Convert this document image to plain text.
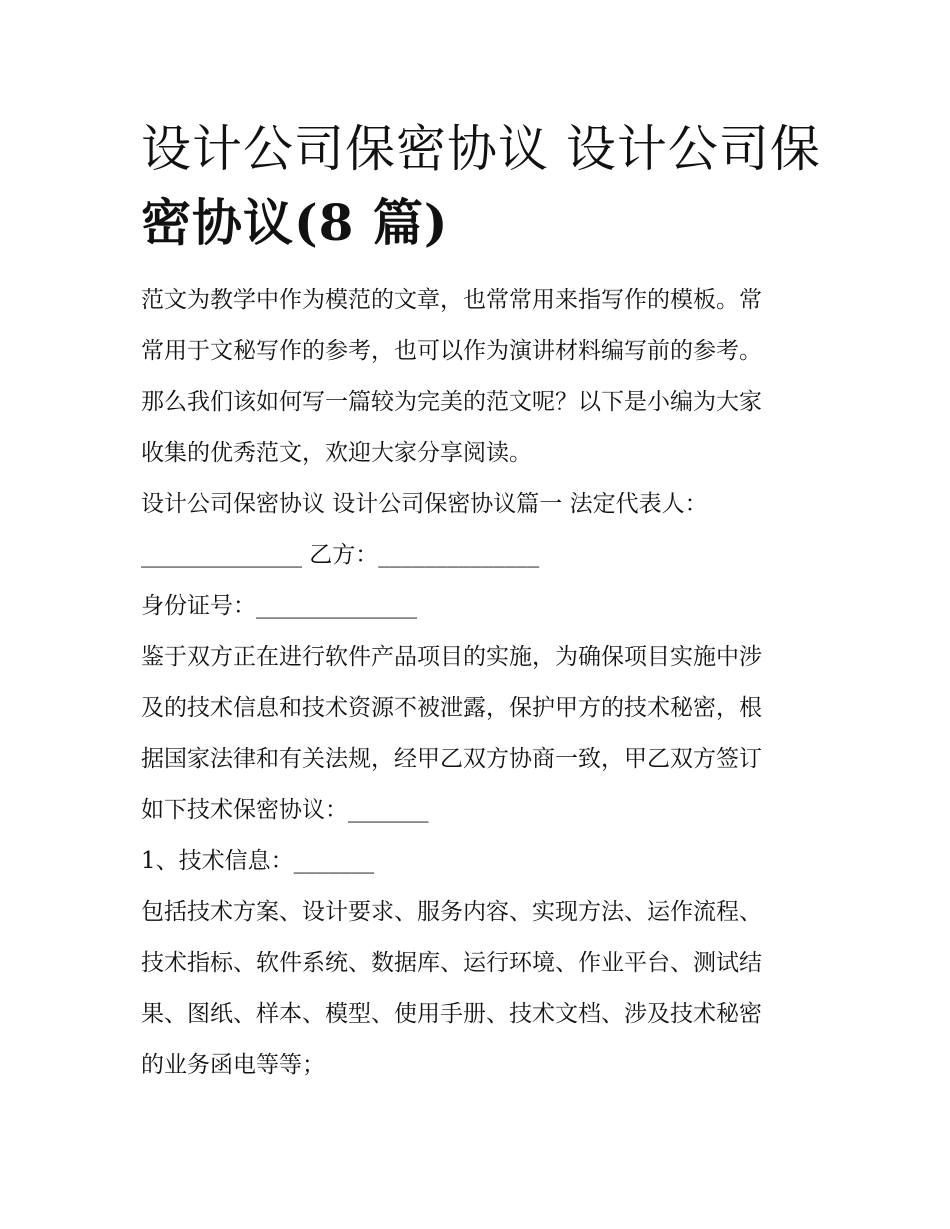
设计公司保密协议 设计公司保
密协议(8 篇)

范文为教学中作为模范的文章，也常常用来指写作的模板。常

常用于文秘写作的参考，也可以作为演讲材料编写前的参考。

那么我们该如何写一篇较为完美的范文呢？以下是小编为大家

收集的优秀范文，欢迎大家分享阅读。

设计公司保密协议 设计公司保密协议篇一 法定代表人：

______________ 乙方：______________

身份证号：______________

鉴于双方正在进行软件产品项目的实施，为确保项目实施中涉

及的技术信息和技术资源不被泄露，保护甲方的技术秘密，根

据国家法律和有关法规，经甲乙双方协商一致，甲乙双方签订

如下技术保密协议：_______

1、技术信息：_______

包括技术方案、设计要求、服务内容、实现方法、运作流程、

技术指标、软件系统、数据库、运行环境、作业平台、测试结

果、图纸、样本、模型、使用手册、技术文档、涉及技术秘密

的业务函电等等；
